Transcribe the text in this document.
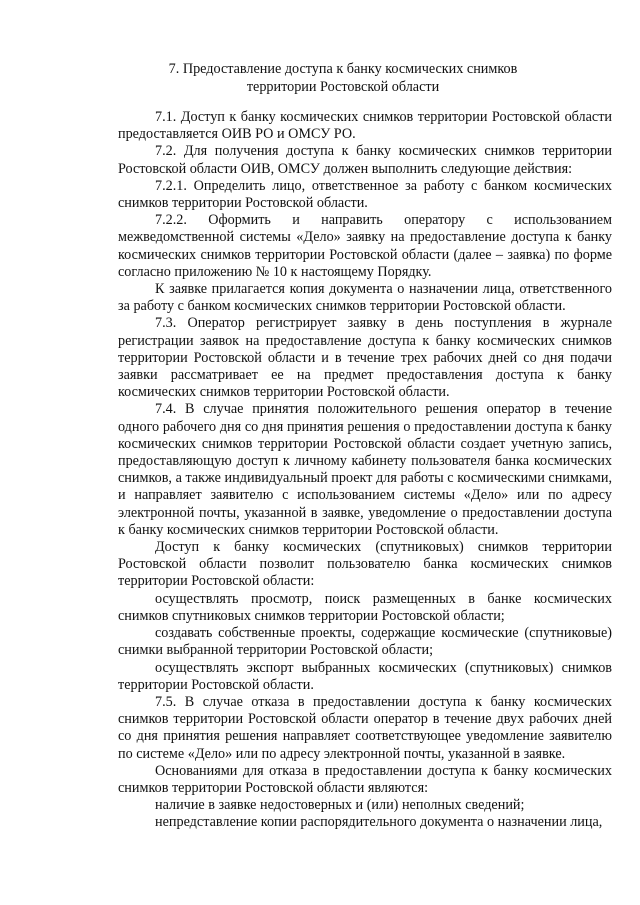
7. Предоставление доступа к банку космических снимков
территории Ростовской области

7.1. Доступ к банку космических снимков территории Ростовской области предоставляется ОИВ РО и ОМСУ РО.

7.2. Для получения доступа к банку космических снимков территории Ростовской области ОИВ, ОМСУ должен выполнить следующие действия:

7.2.1. Определить лицо, ответственное за работу с банком космических снимков территории Ростовской области.

7.2.2. Оформить и направить оператору с использованием межведомственной системы «Дело» заявку на предоставление доступа к банку космических снимков территории Ростовской области (далее – заявка) по форме согласно приложению № 10 к настоящему Порядку.

К заявке прилагается копия документа о назначении лица, ответственного за работу с банком космических снимков территории Ростовской области.

7.3. Оператор регистрирует заявку в день поступления в журнале регистрации заявок на предоставление доступа к банку космических снимков территории Ростовской области и в течение трех рабочих дней со дня подачи заявки рассматривает ее на предмет предоставления доступа к банку космических снимков территории Ростовской области.

7.4. В случае принятия положительного решения оператор в течение одного рабочего дня со дня принятия решения о предоставлении доступа к банку космических снимков территории Ростовской области создает учетную запись, предоставляющую доступ к личному кабинету пользователя банка космических снимков, а также индивидуальный проект для работы с космическими снимками, и направляет заявителю с использованием системы «Дело» или по адресу электронной почты, указанной в заявке, уведомление о предоставлении доступа к банку космических снимков территории Ростовской области.

Доступ к банку космических (спутниковых) снимков территории Ростовской области позволит пользователю банка космических снимков территории Ростовской области:

осуществлять просмотр, поиск размещенных в банке космических снимков спутниковых снимков территории Ростовской области;

создавать собственные проекты, содержащие космические (спутниковые) снимки выбранной территории Ростовской области;

осуществлять экспорт выбранных космических (спутниковых) снимков территории Ростовской области.

7.5. В случае отказа в предоставлении доступа к банку космических снимков территории Ростовской области оператор в течение двух рабочих дней со дня принятия решения направляет соответствующее уведомление заявителю по системе «Дело» или по адресу электронной почты, указанной в заявке.

Основаниями для отказа в предоставлении доступа к банку космических снимков территории Ростовской области являются:

наличие в заявке недостоверных и (или) неполных сведений;

непредставление копии распорядительного документа о назначении лица,
